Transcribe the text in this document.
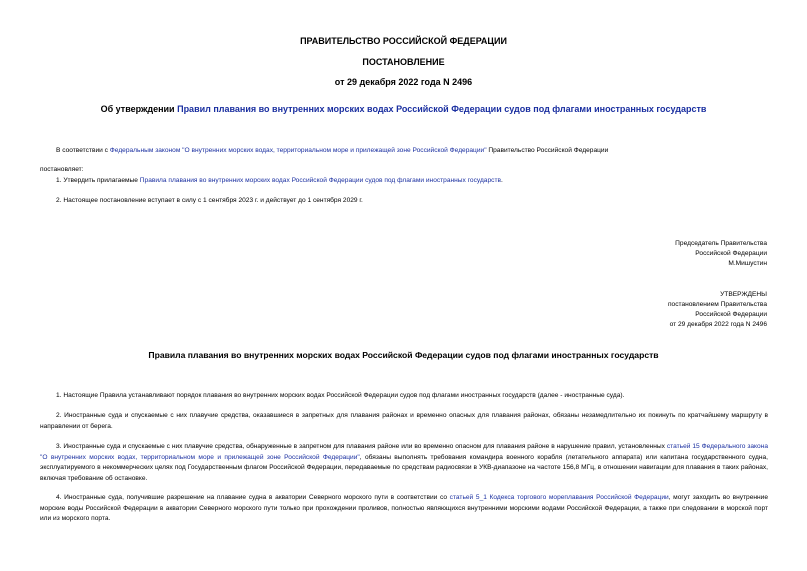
ПРАВИТЕЛЬСТВО РОССИЙСКОЙ ФЕДЕРАЦИИ
ПОСТАНОВЛЕНИЕ
от 29 декабря 2022 года N 2496
Об утверждении Правил плавания во внутренних морских водах Российской Федерации судов под флагами иностранных государств
В соответствии с Федеральным законом "О внутренних морских водах, территориальном море и прилежащей зоне Российской Федерации" Правительство Российской Федерации
постановляет:
1. Утвердить прилагаемые Правила плавания во внутренних морских водах Российской Федерации судов под флагами иностранных государств.
2. Настоящее постановление вступает в силу с 1 сентября 2023 г. и действует до 1 сентября 2029 г.
Председатель Правительства
Российской Федерации
М.Мишустин
УТВЕРЖДЕНЫ
постановлением Правительства
Российской Федерации
от 29 декабря 2022 года N 2496
Правила плавания во внутренних морских водах Российской Федерации судов под флагами иностранных государств
1. Настоящие Правила устанавливают порядок плавания во внутренних морских водах Российской Федерации судов под флагами иностранных государств (далее - иностранные суда).
2. Иностранные суда и спускаемые с них плавучие средства, оказавшиеся в запретных для плавания районах и временно опасных для плавания районах, обязаны незамедлительно их покинуть по кратчайшему маршруту в направлении от берега.
3. Иностранные суда и спускаемые с них плавучие средства, обнаруженные в запретном для плавания районе или во временно опасном для плавания районе в нарушение правил, установленных статьей 15 Федерального закона "О внутренних морских водах, территориальном море и прилежащей зоне Российской Федерации", обязаны выполнять требования командира военного корабля (летательного аппарата) или капитана государственного судна, эксплуатируемого в некоммерческих целях под Государственным флагом Российской Федерации, передаваемые по средствам радиосвязи в УКВ-диапазоне на частоте 156,8 МГц, в отношении навигации для плавания в таких районах, включая требование об остановке.
4. Иностранные суда, получившие разрешение на плавание судна в акватории Северного морского пути в соответствии со статьей 5_1 Кодекса торгового мореплавания Российской Федерации, могут заходить во внутренние морские воды Российской Федерации в акватории Северного морского пути только при прохождении проливов, полностью являющихся внутренними морскими водами Российской Федерации, а также при следовании в морской порт или из морского порта.
